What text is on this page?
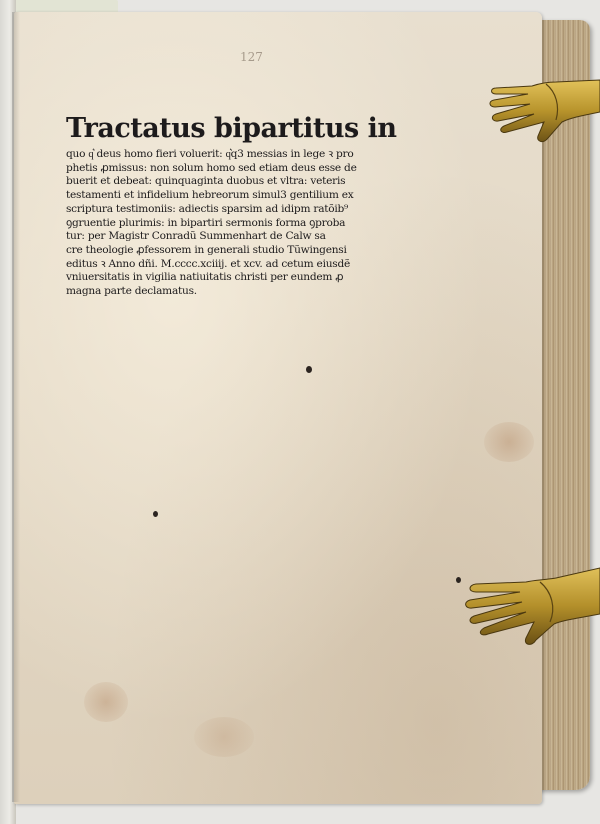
127
Tractatus bipartitus in
quo q͛ deus homo fieri voluerit: q͛q3 messias in lege ꝛ pro
phetis ꝓmissus: non solum homo sed etiam deus esse de
buerit et debeat: quinquaginta duobus et vltra: veteris
testamenti et infidelium hebreorum simul3 gentilium ex
scriptura testimoniis: adiectis sparsim ad idipm ratõib⁹
ꝯgruentie plurimis: in bipartiri sermonis forma ꝯproba
tur: per Magistr Conradũ Summenhart de Calw sa
cre theologie ꝓfessorem in generali studio Tũwingensi
editus ꝛ Anno dñi. M.cccc.xciiij. et xcv. ad cetum eiusdẽ
vniuersitatis in vigilia natiuitatis christi per eundem ꝓ
magna parte declamatus.
